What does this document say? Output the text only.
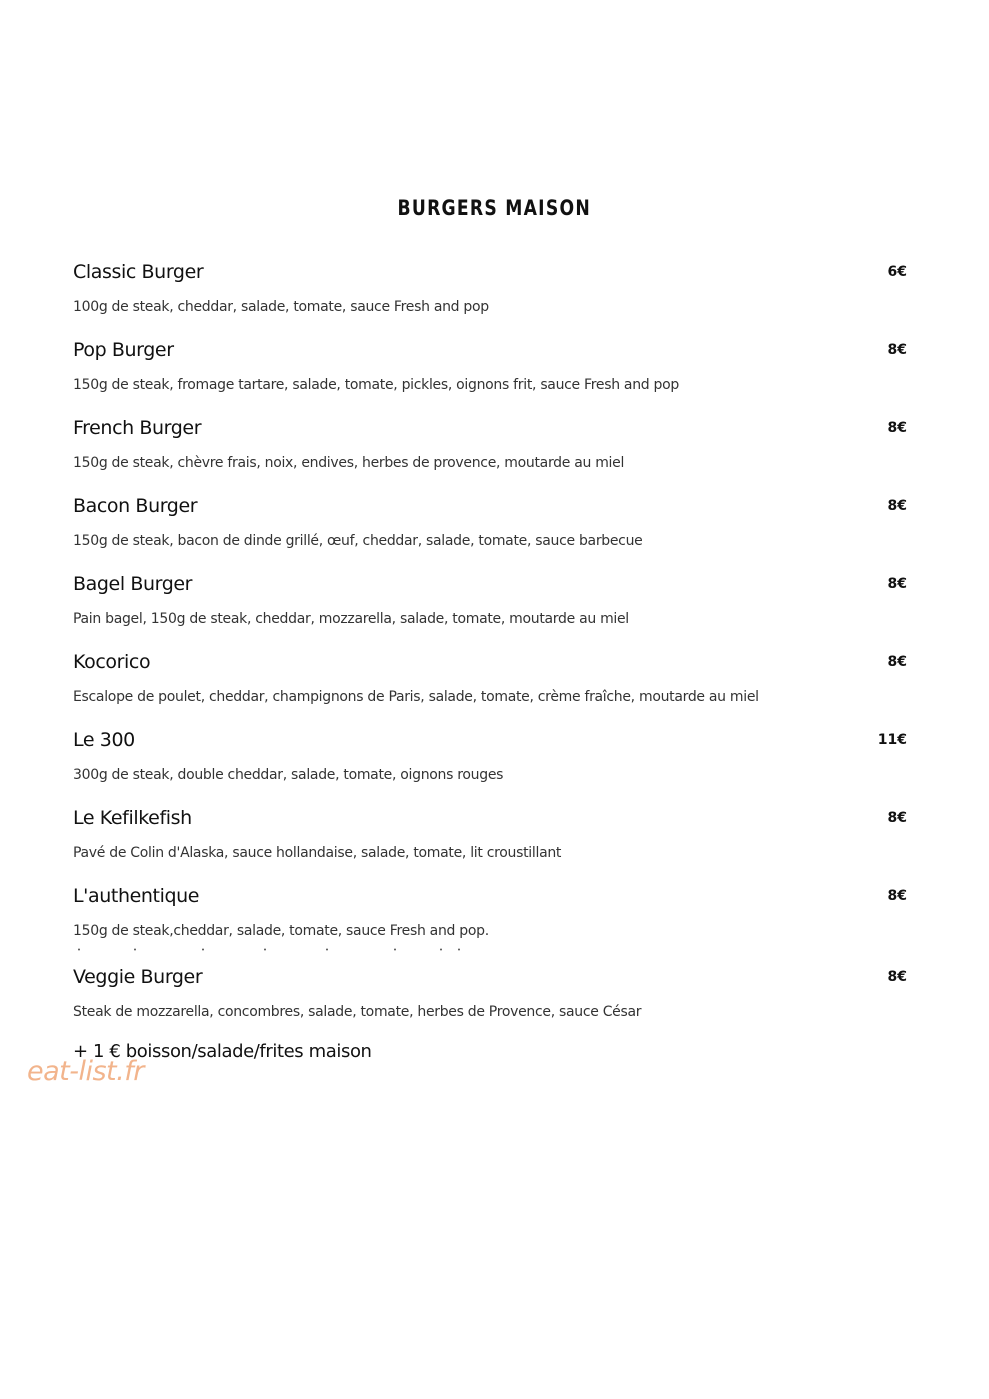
BURGERS MAISON
Classic Burger	6€
100g de steak, cheddar, salade, tomate, sauce Fresh and pop
Pop Burger	8€
150g de steak, fromage tartare, salade, tomate, pickles, oignons frit, sauce Fresh and pop
French Burger	8€
150g de steak, chèvre frais, noix, endives, herbes de provence, moutarde au miel
Bacon Burger	8€
150g de steak, bacon de dinde grillé, œuf, cheddar, salade, tomate, sauce barbecue
Bagel Burger	8€
Pain bagel, 150g de steak, cheddar, mozzarella, salade, tomate, moutarde au miel
Kocorico	8€
Escalope de poulet, cheddar, champignons de Paris, salade, tomate, crème fraîche, moutarde au miel
Le 300	11€
300g de steak, double cheddar, salade, tomate, oignons rouges
Le Kefilkefish	8€
Pavé de Colin d'Alaska, sauce hollandaise, salade, tomate, lit croustillant
L'authentique	8€
150g de steak,cheddar, salade, tomate, sauce Fresh and pop.
Veggie Burger	8€
Steak de mozzarella, concombres, salade, tomate, herbes de Provence, sauce César
+ 1 € boisson/salade/frites maison
eat-list.fr
